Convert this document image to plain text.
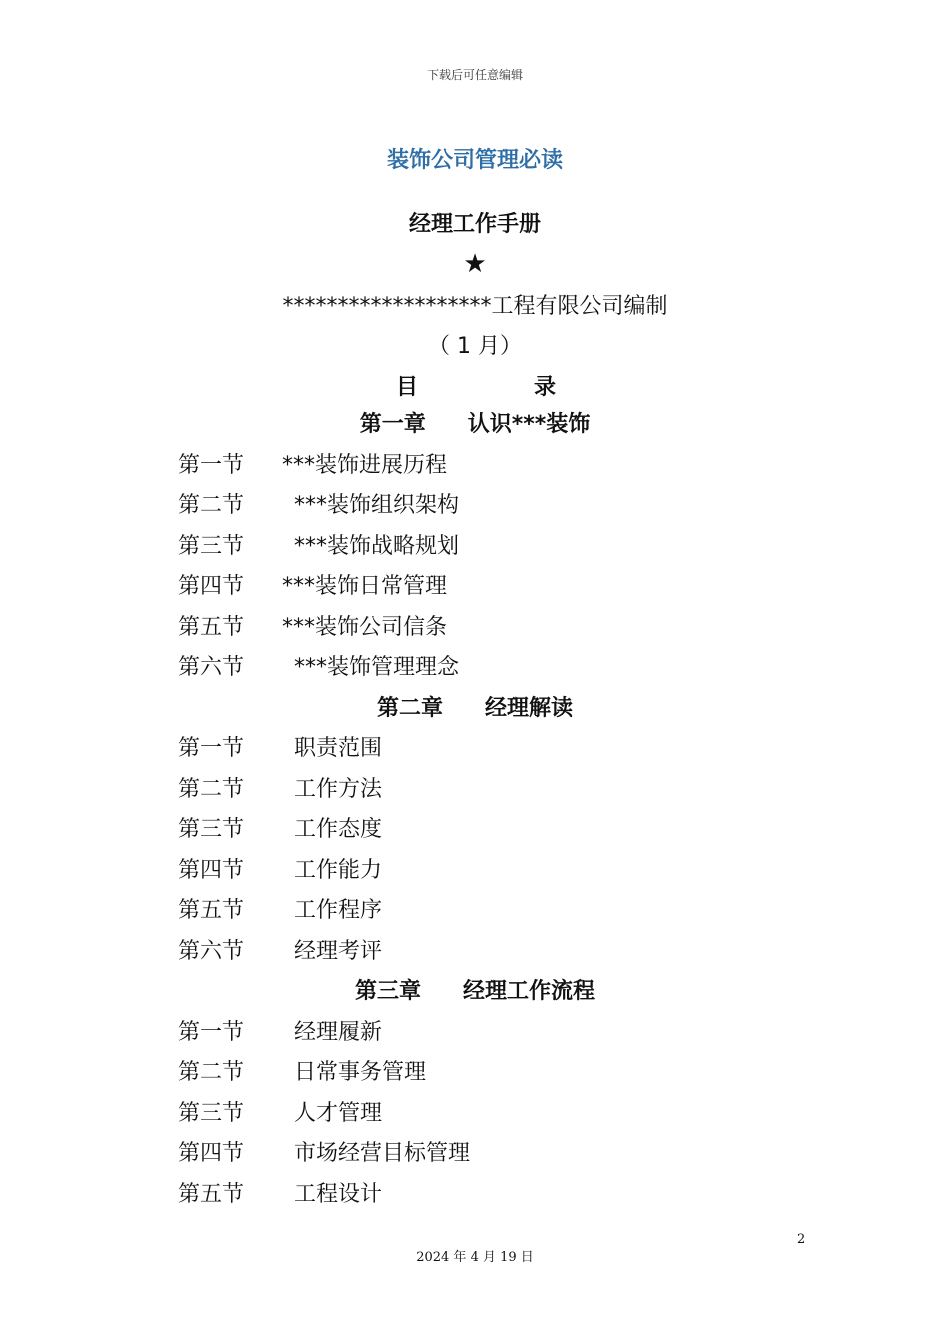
下载后可任意编辑
装饰公司管理必读
经理工作手册
★
*******************工程有限公司编制
（ 1 月）
目	录
第一章 认识***装饰
第一节 ***装饰进展历程
第二节 ***装饰组织架构
第三节 ***装饰战略规划
第四节 ***装饰日常管理
第五节 ***装饰公司信条
第六节 ***装饰管理理念
第二章 经理解读
第一节 职责范围
第二节 工作方法
第三节 工作态度
第四节 工作能力
第五节 工作程序
第六节 经理考评
第三章 经理工作流程
第一节 经理履新
第二节 日常事务管理
第三节 人才管理
第四节 市场经营目标管理
第五节 工程设计
2
2024 年 4 月 19 日
